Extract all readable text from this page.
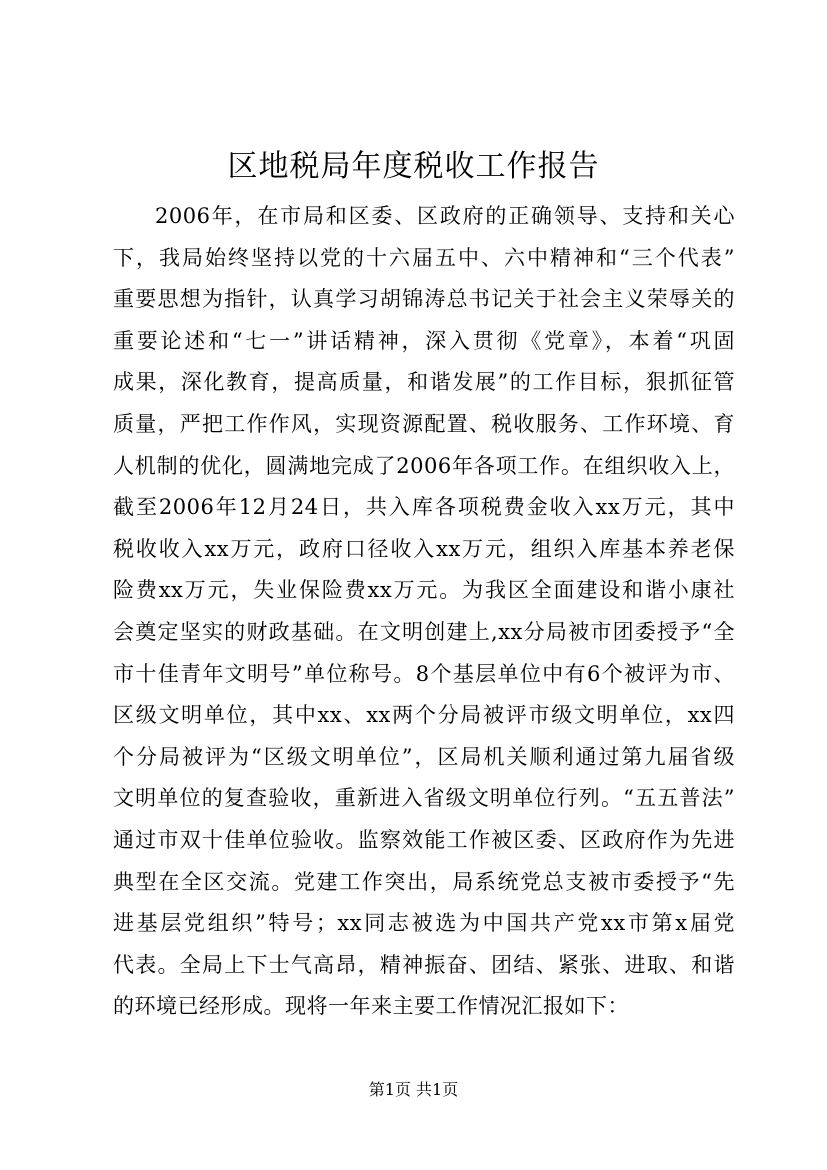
区地税局年度税收工作报告
2006年，在市局和区委、区政府的正确领导、支持和关心
下，我局始终坚持以党的十六届五中、六中精神和“三个代表”
重要思想为指针，认真学习胡锦涛总书记关于社会主义荣辱关的
重要论述和“七一”讲话精神，深入贯彻《党章》，本着“巩固
成果，深化教育，提高质量，和谐发展”的工作目标，狠抓征管
质量，严把工作作风，实现资源配置、税收服务、工作环境、育
人机制的优化，圆满地完成了2006年各项工作。在组织收入上，
截至2006年12月24日，共入库各项税费金收入xx万元，其中
税收收入xx万元，政府口径收入xx万元，组织入库基本养老保
险费xx万元，失业保险费xx万元。为我区全面建设和谐小康社
会奠定坚实的财政基础。在文明创建上,xx分局被市团委授予“全
市十佳青年文明号”单位称号。8个基层单位中有6个被评为市、
区级文明单位，其中xx、xx两个分局被评市级文明单位，xx四
个分局被评为“区级文明单位”，区局机关顺利通过第九届省级
文明单位的复查验收，重新进入省级文明单位行列。“五五普法”
通过市双十佳单位验收。监察效能工作被区委、区政府作为先进
典型在全区交流。党建工作突出，局系统党总支被市委授予“先
进基层党组织”特号；xx同志被选为中国共产党xx市第x届党
代表。全局上下士气高昂，精神振奋、团结、紧张、进取、和谐
的环境已经形成。现将一年来主要工作情况汇报如下：
第1页 共1页
